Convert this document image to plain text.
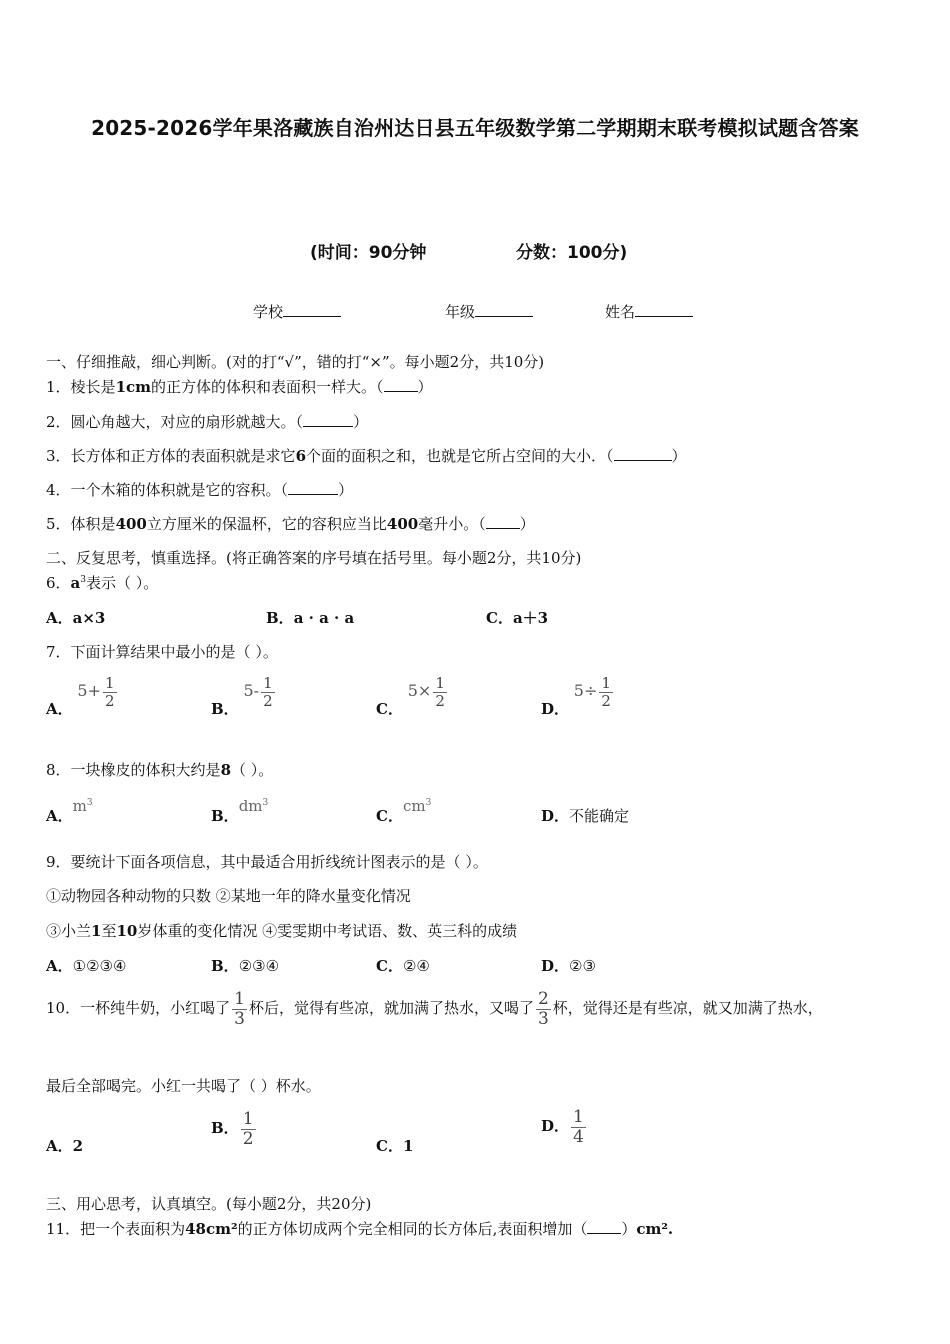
2025-2026学年果洛藏族自治州达日县五年级数学第二学期期末联考模拟试题含答案
(时间：90分钟	分数：100分)
学校	年级	姓名
一、仔细推敲，细心判断。(对的打“√”，错的打“×”。每小题2分，共10分)
1．棱长是1cm的正方体的体积和表面积一样大。（ ）
2．圆心角越大，对应的扇形就越大。（	）
3．长方体和正方体的表面积就是求它6个面的面积之和，也就是它所占空间的大小．（	）
4．一个木箱的体积就是它的容积。（	）
5．体积是400立方厘米的保温杯，它的容积应当比400毫升小。（ ）
二、反复思考，慎重选择。(将正确答案的序号填在括号里。每小题2分，共10分)
6．$a^3$表示（ ）。
A．a×3	B．a · a · a	C．a＋3
7．下面计算结果中最小的是（ ）。
A． $5+ \frac{1}{2}$	B． $5- \frac{1}{2}$	C． $5\times \frac{1}{2}$	D． $5\div \frac{1}{2}$
8．一块橡皮的体积大约是8（ ）。
A．$m^3$
B．$dm^3$
C．$cm^3$
D．不能确定
9．要统计下面各项信息，其中最适合用折线统计图表示的是（ ）。
①动物园各种动物的只数 ②某地一年的降水量变化情况
③小兰1至10岁体重的变化情况 ④雯雯期中考试语、数、英三科的成绩
A．①②③④	B．②③④	C．②④	D．②③
10．一杯纯牛奶，小红喝了 $\frac{1}{3}$ 杯后，觉得有些凉，就加满了热水，又喝了 $\frac{2}{3}$ 杯，觉得还是有些凉，就又加满了热水，
最后全部喝完。小红一共喝了（ ）杯水。
A．2
B． $\frac{1}{2}$	C．1
D． $\frac{1}{4}$
三、用心思考，认真填空。(每小题2分，共20分)
11．把一个表面积为48cm²的正方体切成两个完全相同的长方体后,表面积增加（ ）cm².
